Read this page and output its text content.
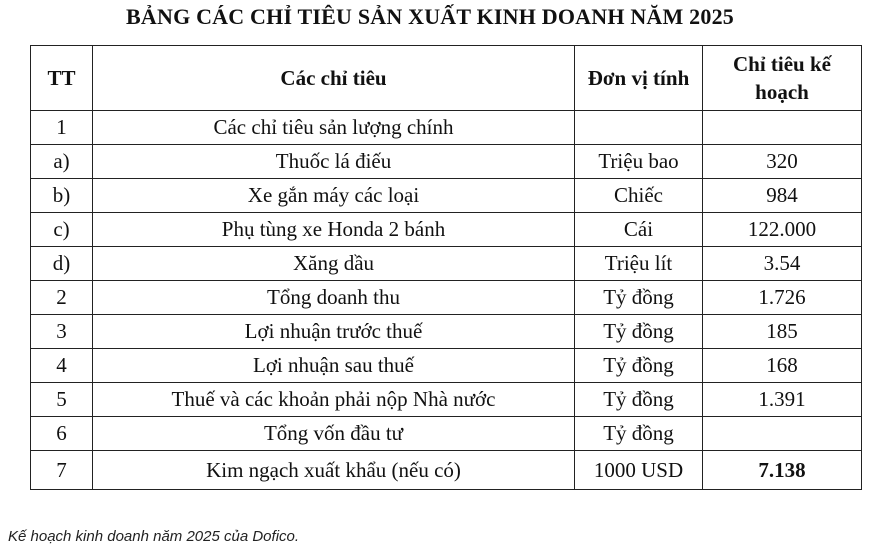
BẢNG CÁC CHỈ TIÊU SẢN XUẤT KINH DOANH NĂM 2025
TT	Các chỉ tiêu	Đơn vị tính	Chỉ tiêu kế hoạch
1	Các chỉ tiêu sản lượng chính		
a)	Thuốc lá điếu	Triệu bao	320
b)	Xe gắn máy các loại	Chiếc	984
c)	Phụ tùng xe Honda 2 bánh	Cái	122.000
d)	Xăng dầu	Triệu lít	3.54
2	Tổng doanh thu	Tỷ đồng	1.726
3	Lợi nhuận trước thuế	Tỷ đồng	185
4	Lợi nhuận sau thuế	Tỷ đồng	168
5	Thuế và các khoản phải nộp Nhà nước	Tỷ đồng	1.391
6	Tổng vốn đầu tư	Tỷ đồng	
7	Kim ngạch xuất khẩu (nếu có)	1000 USD	7.138
Kế hoạch kinh doanh năm 2025 của Dofico.
